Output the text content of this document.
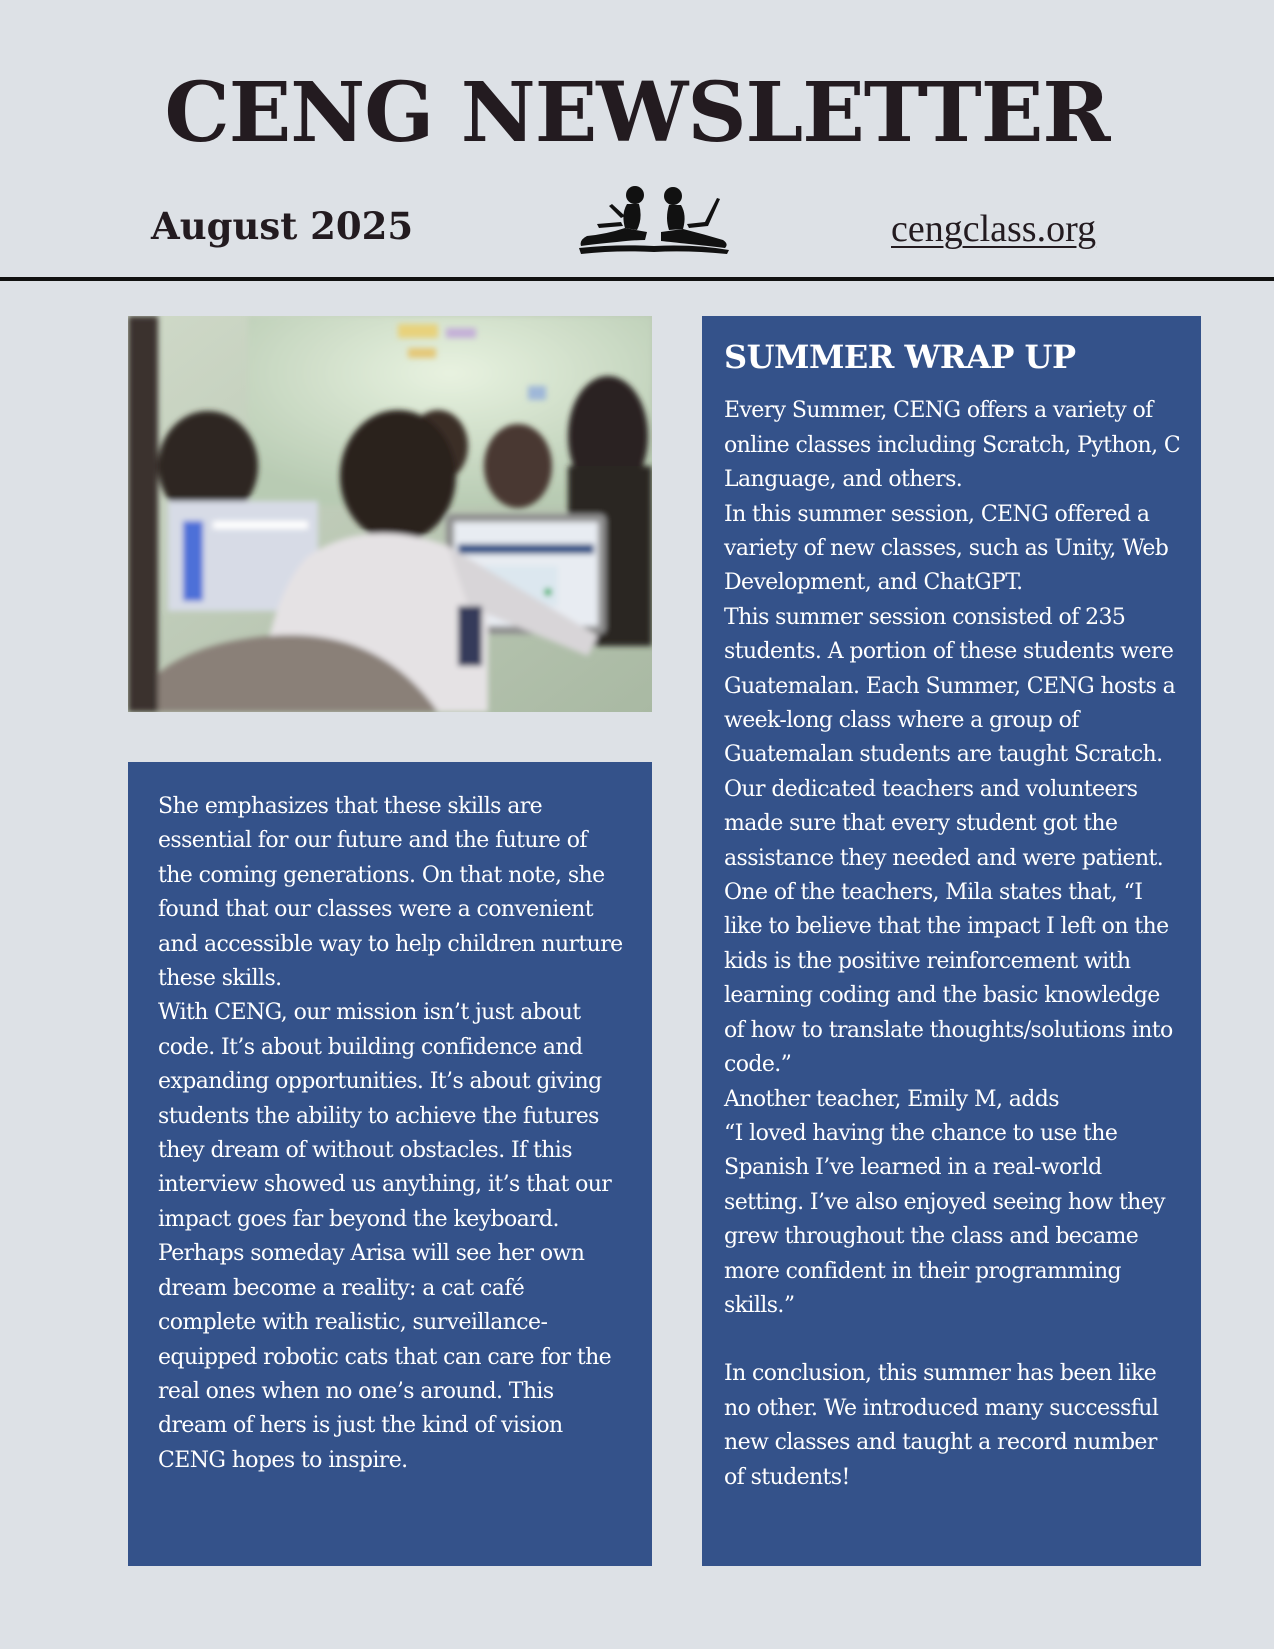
CENG NEWSLETTER
August 2025	cengclass.org

She emphasizes that these skills are essential for our future and the future of the coming generations. On that note, she found that our classes were a convenient and accessible way to help children nurture these skills.

With CENG, our mission isn’t just about code. It’s about building confidence and expanding opportunities. It’s about giving students the ability to achieve the futures they dream of without obstacles. If this interview showed us anything, it’s that our impact goes far beyond the keyboard. Perhaps someday Arisa will see her own dream become a reality: a cat café complete with realistic, surveillance-equipped robotic cats that can care for the real ones when no one’s around. This dream of hers is just the kind of vision CENG hopes to inspire.

SUMMER WRAP UP

Every Summer, CENG offers a variety of online classes including Scratch, Python, C Language, and others.

In this summer session, CENG offered a variety of new classes, such as Unity, Web Development, and ChatGPT.

This summer session consisted of 235 students. A portion of these students were Guatemalan. Each Summer, CENG hosts a week-long class where a group of Guatemalan students are taught Scratch. Our dedicated teachers and volunteers made sure that every student got the assistance they needed and were patient. One of the teachers, Mila states that, “I like to believe that the impact I left on the kids is the positive reinforcement with learning coding and the basic knowledge of how to translate thoughts/solutions into code.”

Another teacher, Emily M, adds

“I loved having the chance to use the Spanish I’ve learned in a real-world setting. I’ve also enjoyed seeing how they grew throughout the class and became more confident in their programming skills.”

In conclusion, this summer has been like no other. We introduced many successful new classes and taught a record number of students!
